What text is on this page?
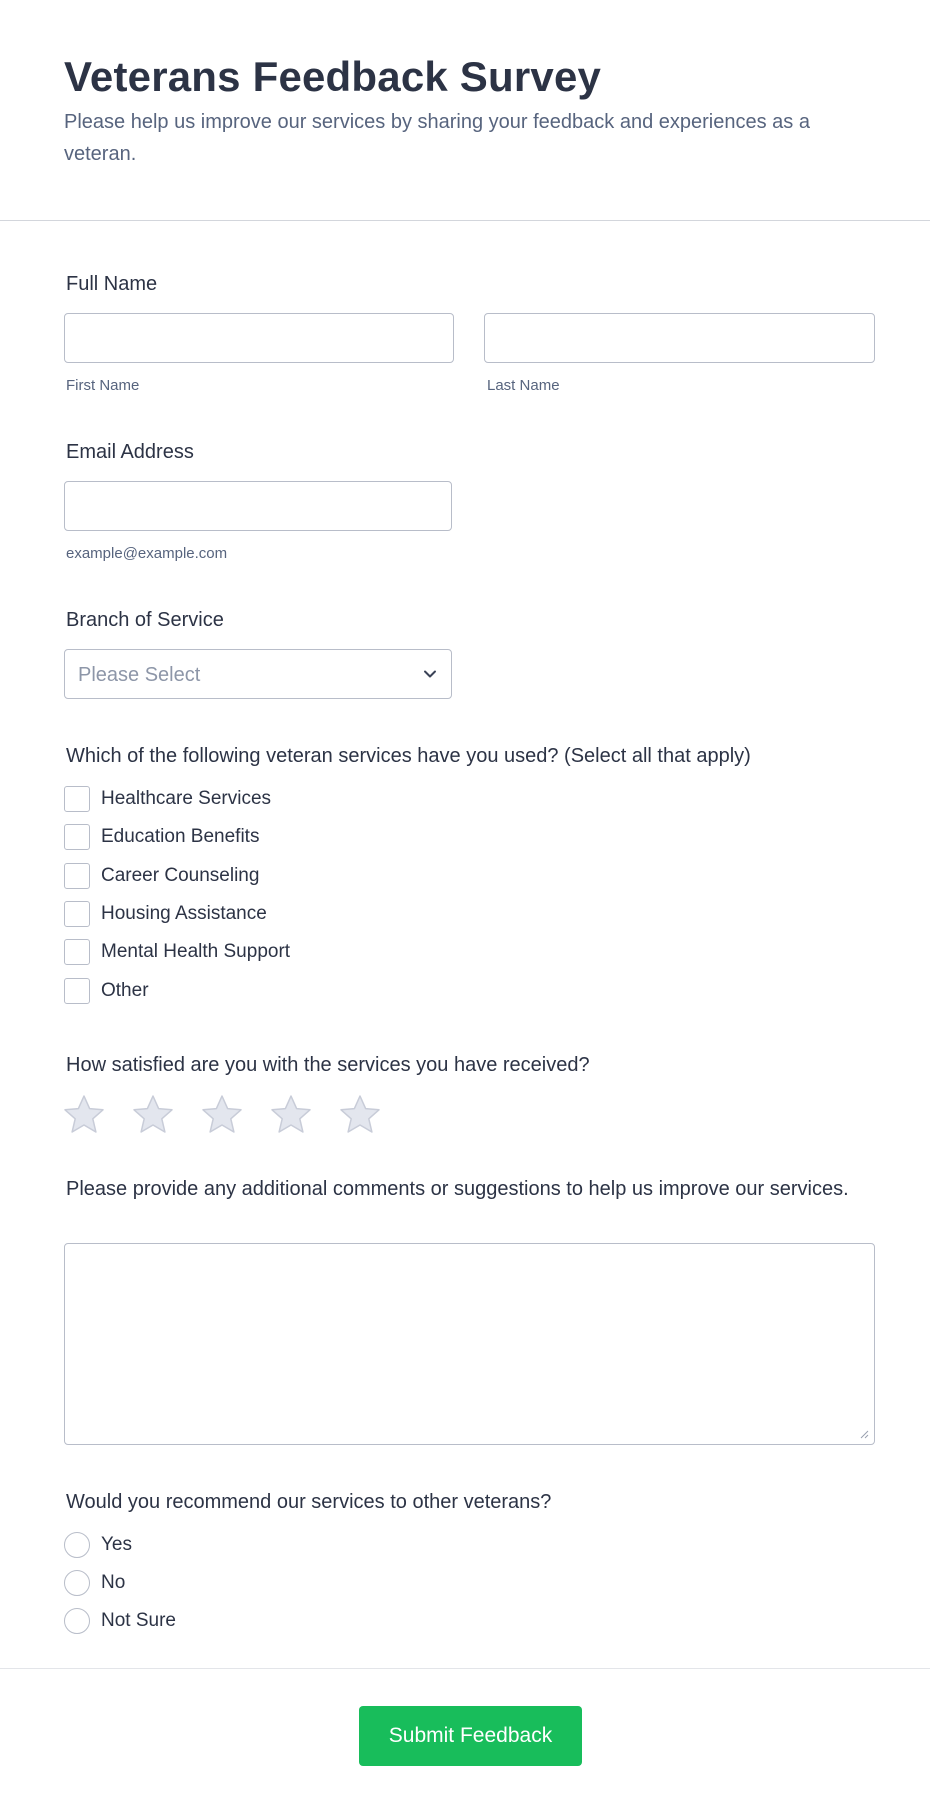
Veterans Feedback Survey
Please help us improve our services by sharing your feedback and experiences as a veteran.
Full Name
First Name	Last Name
Email Address
example@example.com
Branch of Service
Please Select
Which of the following veteran services have you used? (Select all that apply)
Healthcare Services
Education Benefits
Career Counseling
Housing Assistance
Mental Health Support
Other
How satisfied are you with the services you have received?
Please provide any additional comments or suggestions to help us improve our services.
Would you recommend our services to other veterans?
Yes
No
Not Sure
Submit Feedback
